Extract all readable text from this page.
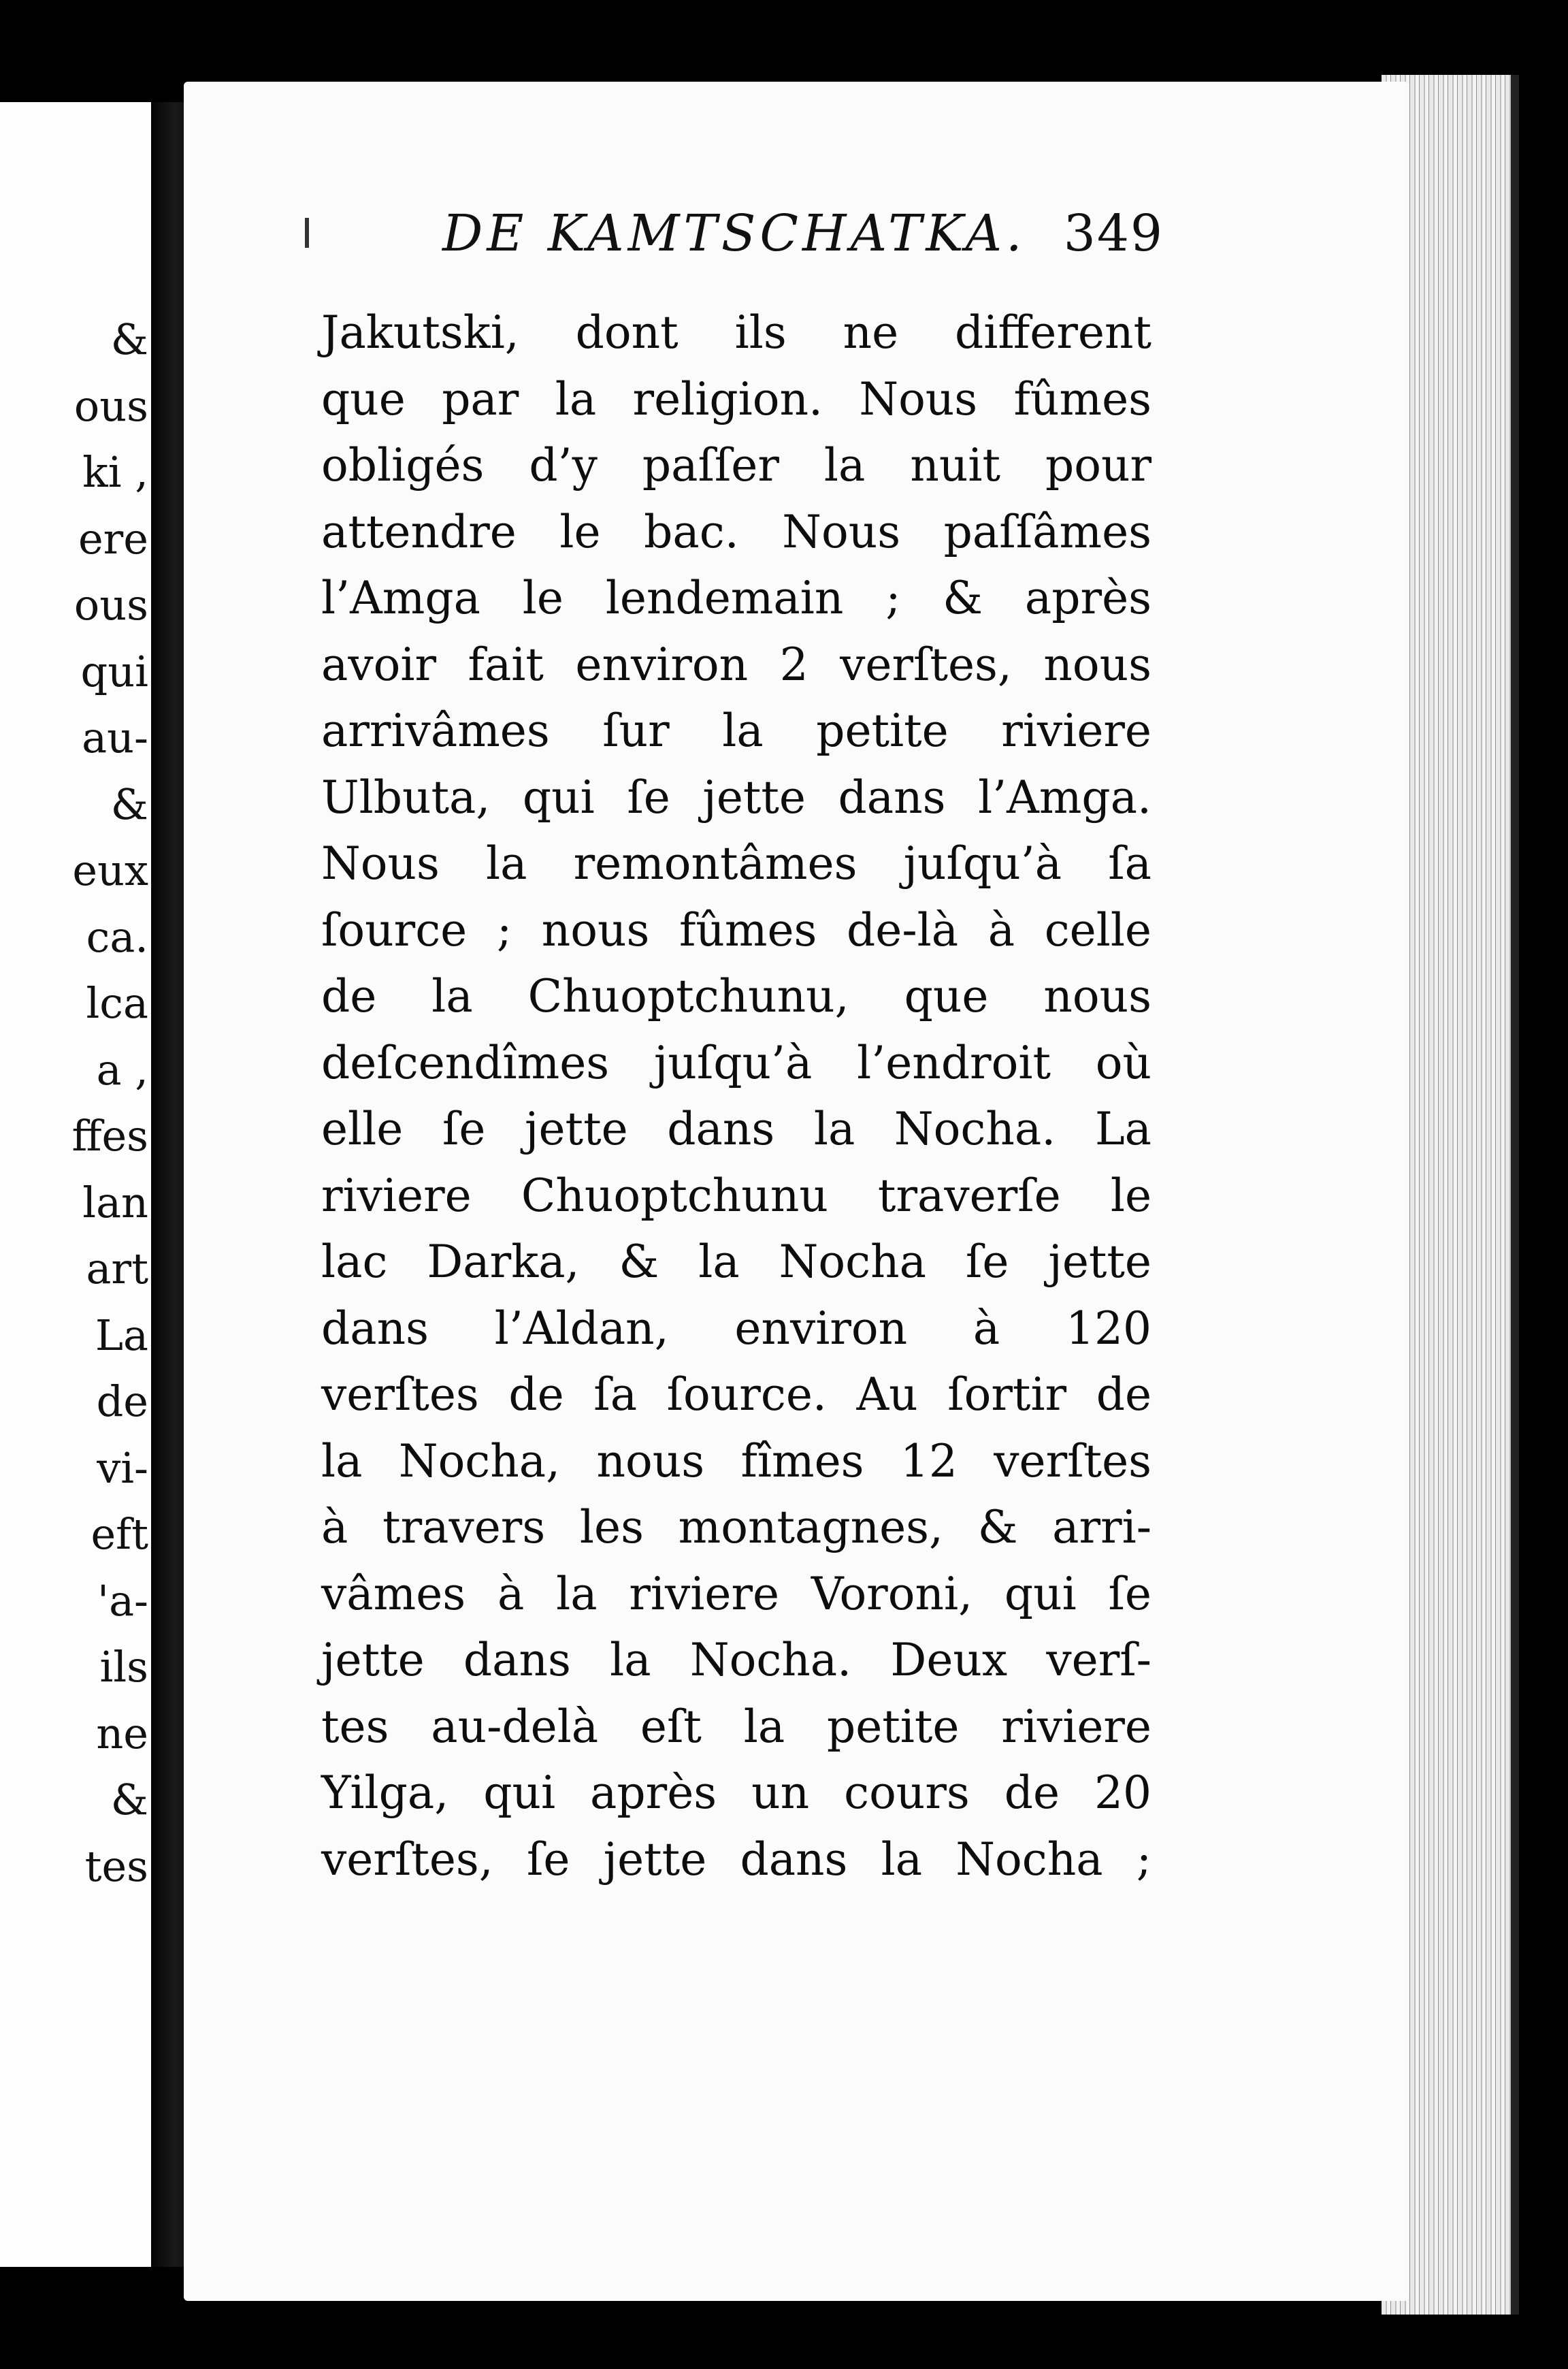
&
ous
ki ,
ere
ous
qui
au-
&
eux
ca.
lca
a ,
ffes
lan
art
La
de
vi-
eft
'a-
ils
ne
&
tes
DE KAMTSCHATKA. 349
Jakutski, dont ils ne different
que par la religion. Nous fûmes
obligés d’y paſſer la nuit pour
attendre le bac. Nous paſſâmes
l’Amga le lendemain ; & après
avoir fait environ 2 verſtes, nous
arrivâmes ſur la petite riviere
Ulbuta, qui ſe jette dans l’Amga.
Nous la remontâmes juſqu’à ſa
ſource ; nous fûmes de-là à celle
de la Chuoptchunu, que nous
deſcendîmes juſqu’à l’endroit où
elle ſe jette dans la Nocha. La
riviere Chuoptchunu traverſe le
lac Darka, & la Nocha ſe jette
dans l’Aldan, environ à 120
verſtes de ſa ſource. Au ſortir de
la Nocha, nous fîmes 12 verſtes
à travers les montagnes, & arri-
vâmes à la riviere Voroni, qui ſe
jette dans la Nocha. Deux verſ-
tes au-delà eſt la petite riviere
Yilga, qui après un cours de 20
verſtes, ſe jette dans la Nocha ;
